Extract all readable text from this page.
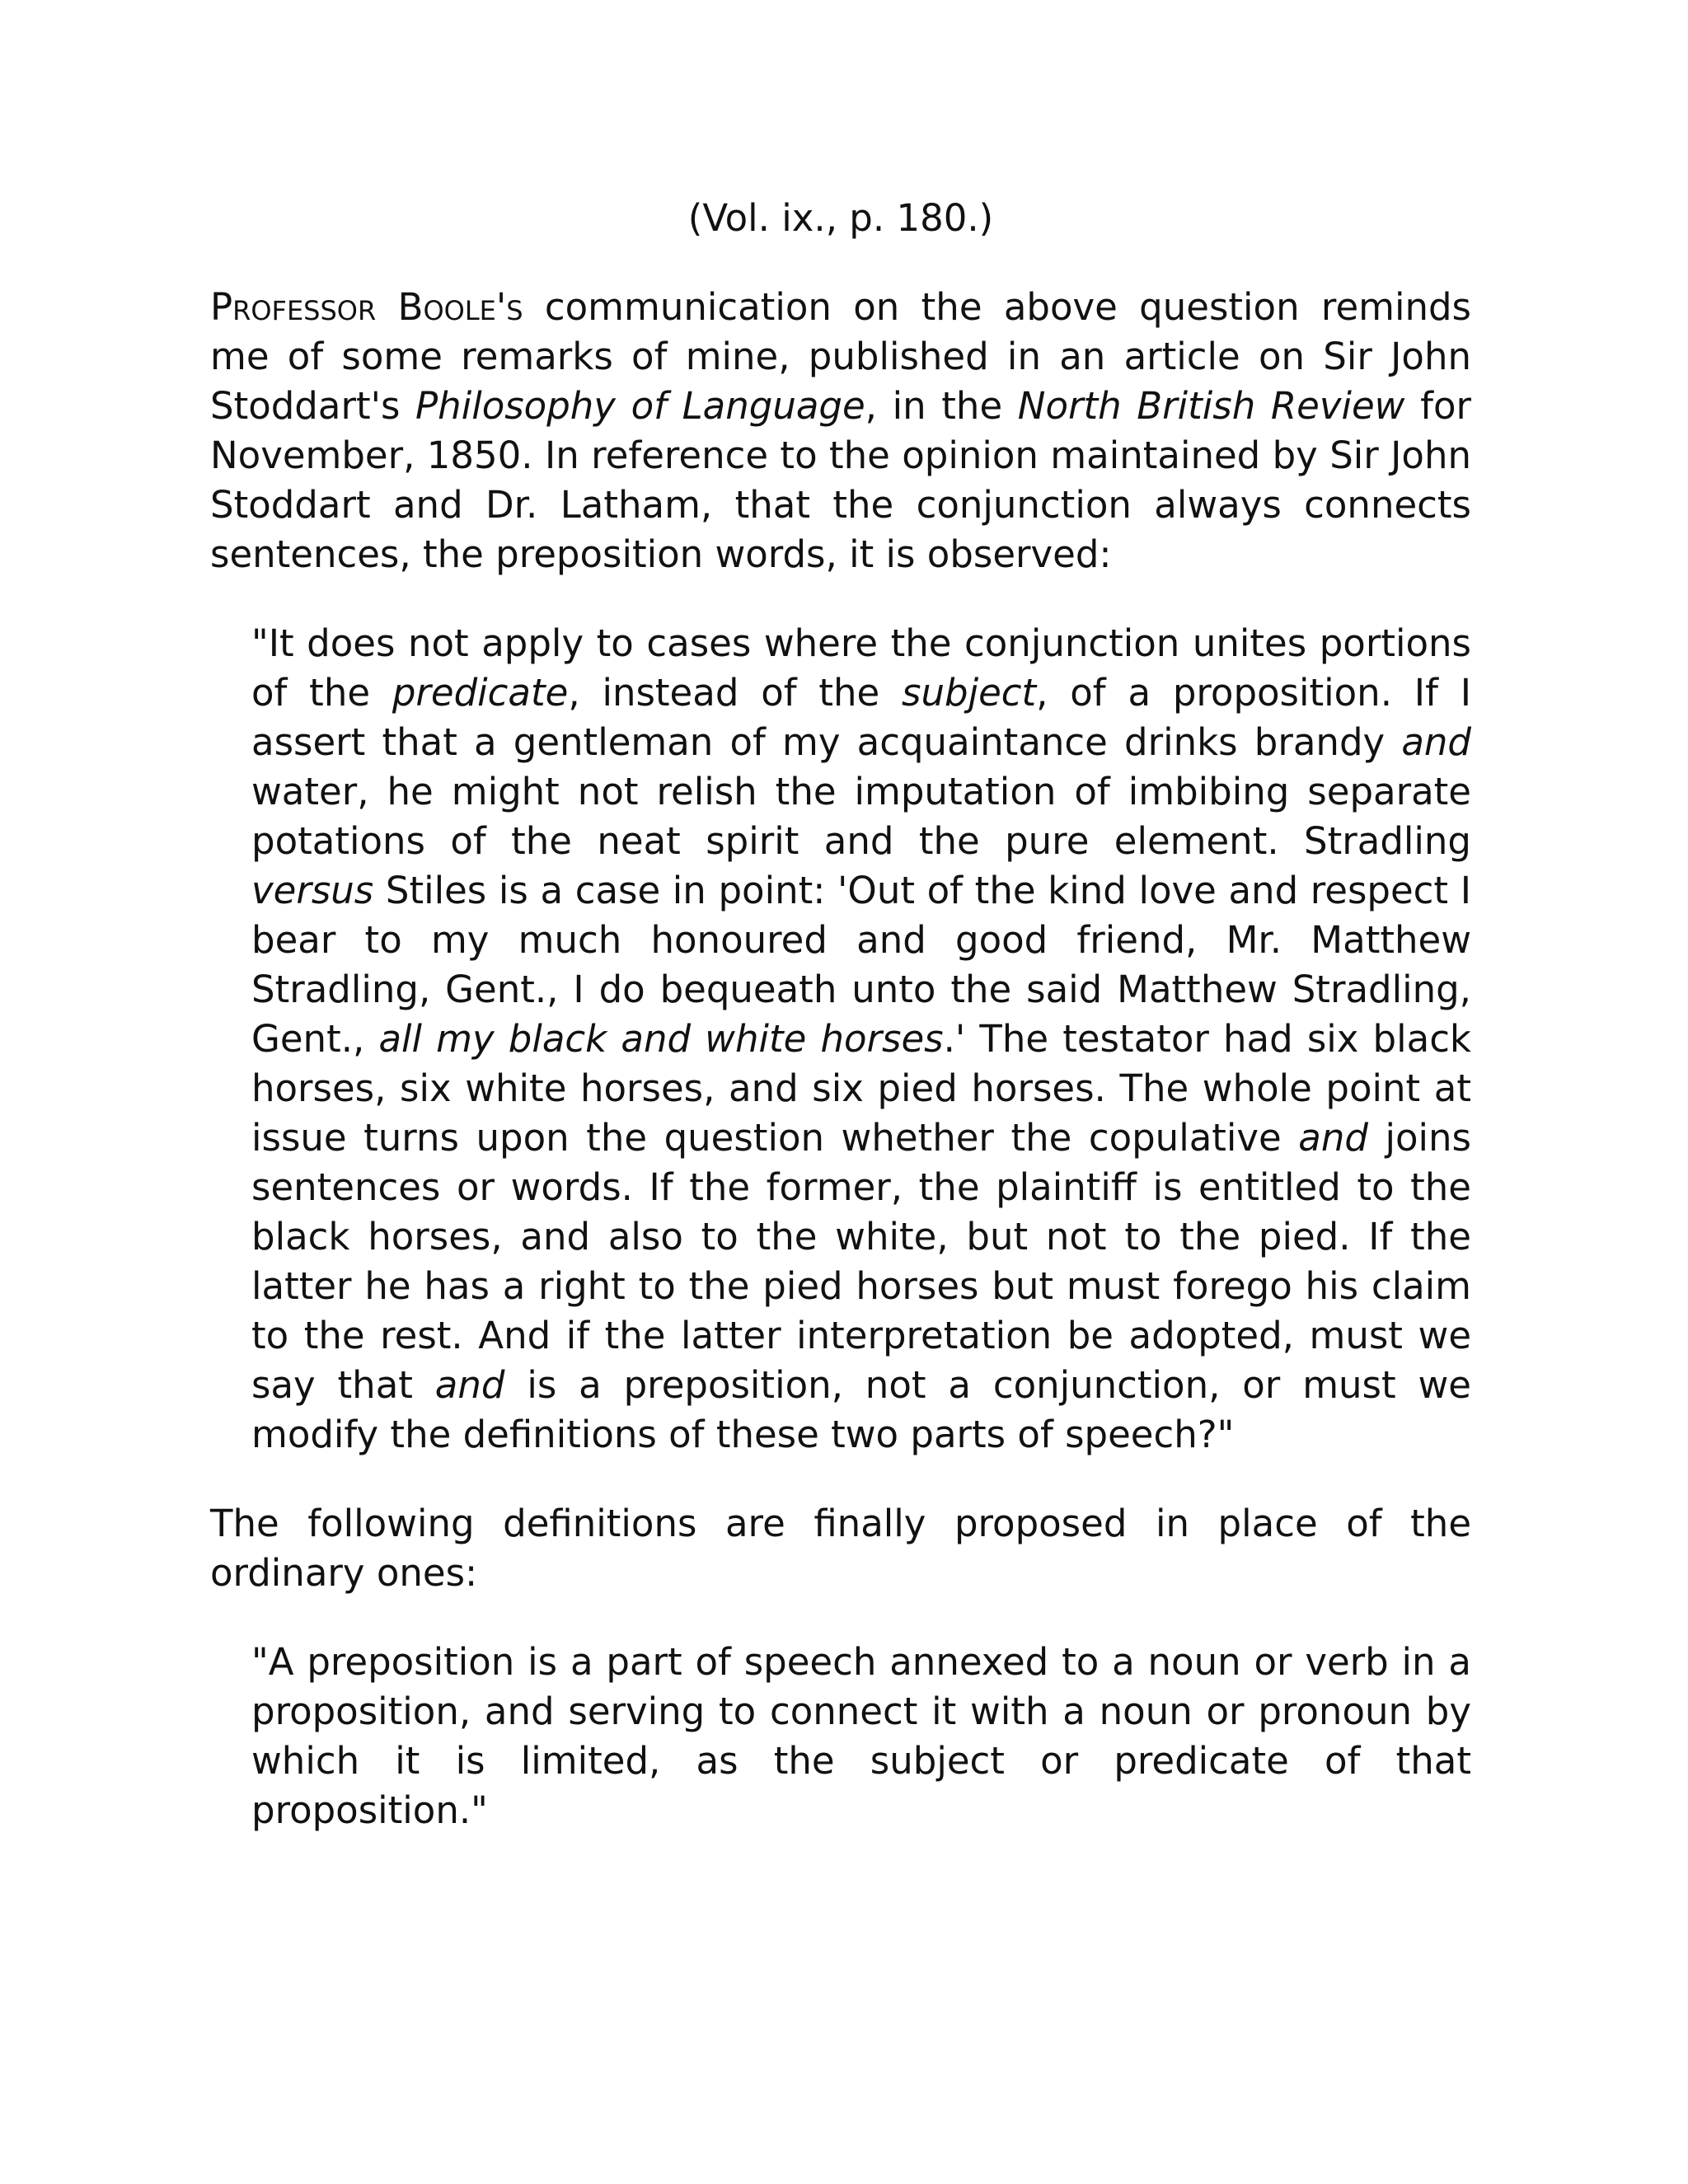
(Vol. ix., p. 180.)

Professor Boole's communication on the above question reminds me of some remarks of mine, published in an article on Sir John Stoddart's Philosophy of Language, in the North British Review for November, 1850. In reference to the opinion maintained by Sir John Stoddart and Dr. Latham, that the conjunction always connects sentences, the preposition words, it is observed:

"It does not apply to cases where the conjunction unites portions of the predicate, instead of the subject, of a proposition. If I assert that a gentleman of my acquaintance drinks brandy and water, he might not relish the imputation of imbibing separate potations of the neat spirit and the pure element. Stradling versus Stiles is a case in point: 'Out of the kind love and respect I bear to my much honoured and good friend, Mr. Matthew Stradling, Gent., I do bequeath unto the said Matthew Stradling, Gent., all my black and white horses.' The testator had six black horses, six white horses, and six pied horses. The whole point at issue turns upon the question whether the copulative and joins sentences or words. If the former, the plaintiff is entitled to the black horses, and also to the white, but not to the pied. If the latter he has a right to the pied horses but must forego his claim to the rest. And if the latter interpretation be adopted, must we say that and is a preposition, not a conjunction, or must we modify the definitions of these two parts of speech?"

The following definitions are finally proposed in place of the ordinary ones:

"A preposition is a part of speech annexed to a noun or verb in a proposition, and serving to connect it with a noun or pronoun by which it is limited, as the subject or predicate of that proposition."
